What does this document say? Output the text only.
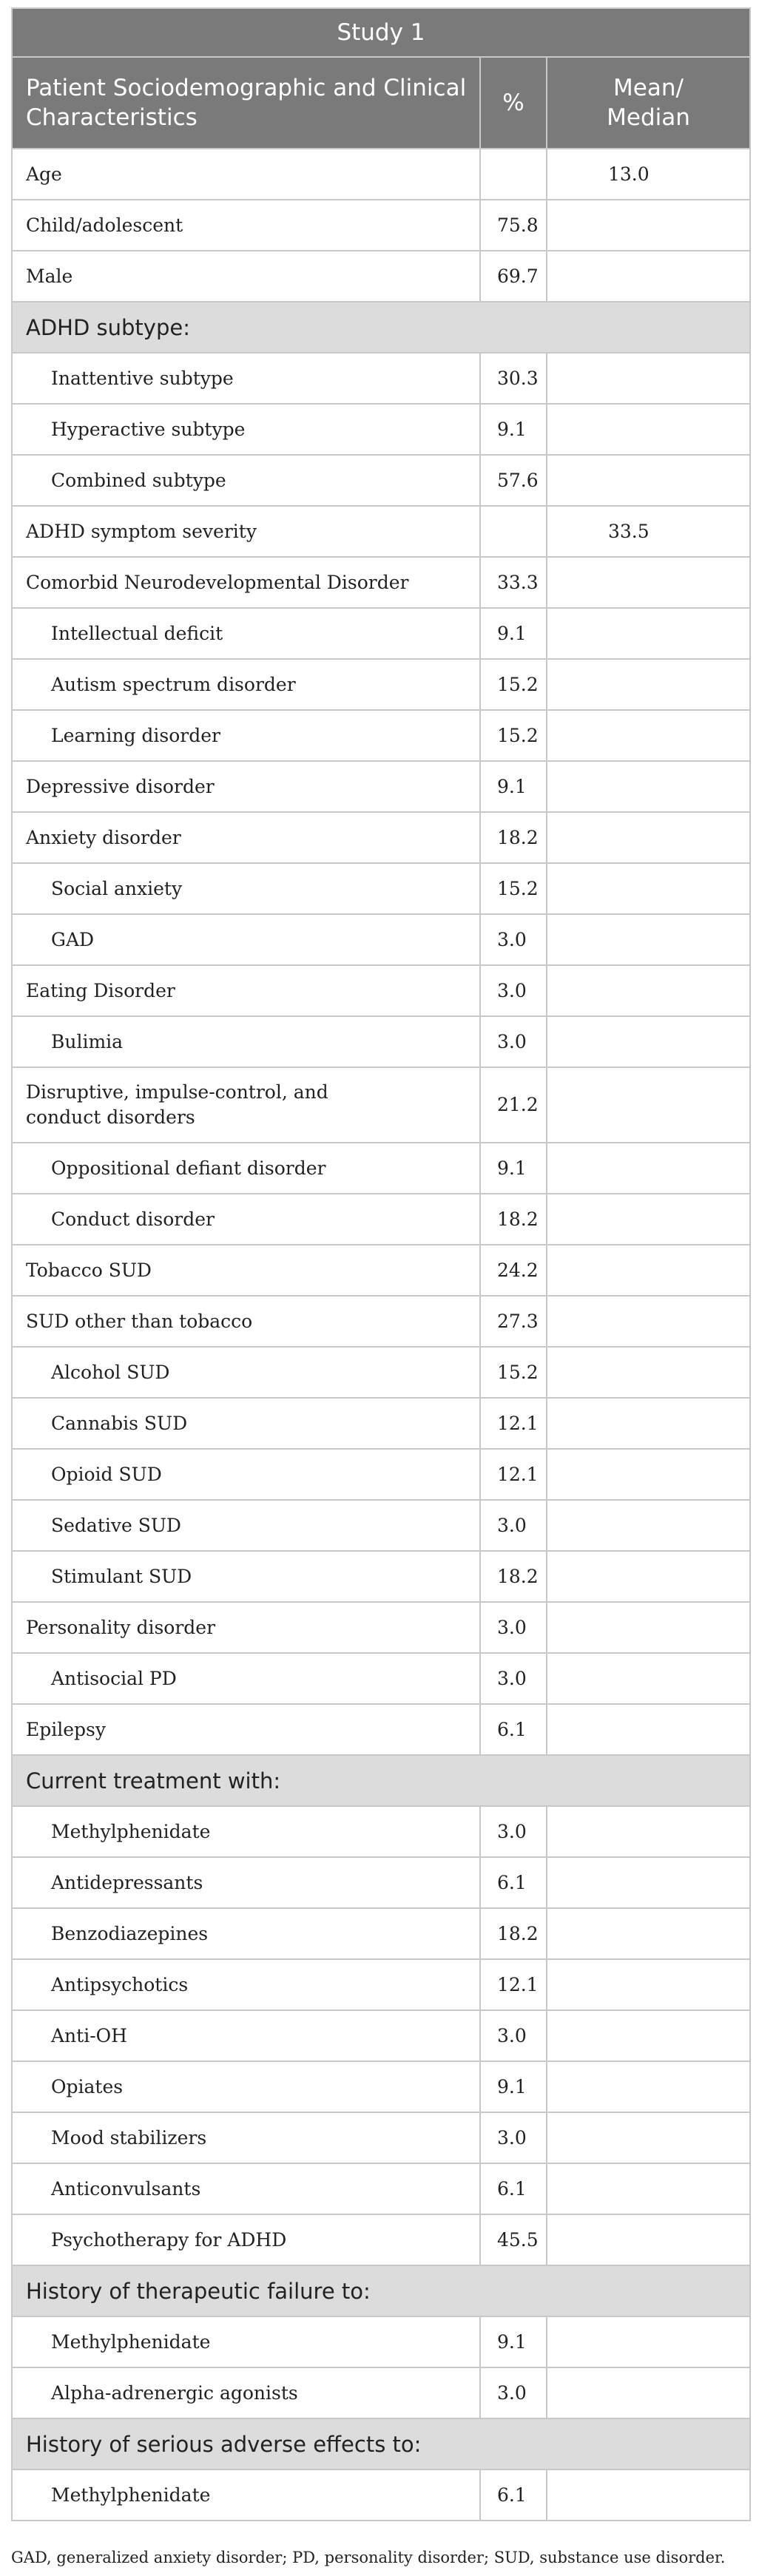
Study 1		
Patient Sociodemographic and Clinical Characteristics	%	Mean/
Median
Age		13.0
Child/adolescent	75.8	
Male	69.7	
ADHD subtype:		
Inattentive subtype	30.3	
Hyperactive subtype	9.1	
Combined subtype	57.6	
ADHD symptom severity		33.5
Comorbid Neurodevelopmental Disorder	33.3	
Intellectual deficit	9.1	
Autism spectrum disorder	15.2	
Learning disorder	15.2	
Depressive disorder	9.1	
Anxiety disorder	18.2	
Social anxiety	15.2	
GAD	3.0	
Eating Disorder	3.0	
Bulimia	3.0	
Disruptive, impulse-control, and
conduct disorders	21.2	
Oppositional defiant disorder	9.1	
Conduct disorder	18.2	
Tobacco SUD	24.2	
SUD other than tobacco	27.3	
Alcohol SUD	15.2	
Cannabis SUD	12.1	
Opioid SUD	12.1	
Sedative SUD	3.0	
Stimulant SUD	18.2	
Personality disorder	3.0	
Antisocial PD	3.0	
Epilepsy	6.1	
Current treatment with:		
Methylphenidate	3.0	
Antidepressants	6.1	
Benzodiazepines	18.2	
Antipsychotics	12.1	
Anti-OH	3.0	
Opiates	9.1	
Mood stabilizers	3.0	
Anticonvulsants	6.1	
Psychotherapy for ADHD	45.5	
History of therapeutic failure to:		
Methylphenidate	9.1	
Alpha-adrenergic agonists	3.0	
History of serious adverse effects to:		
Methylphenidate	6.1	

GAD, generalized anxiety disorder; PD, personality disorder; SUD, substance use disorder.
